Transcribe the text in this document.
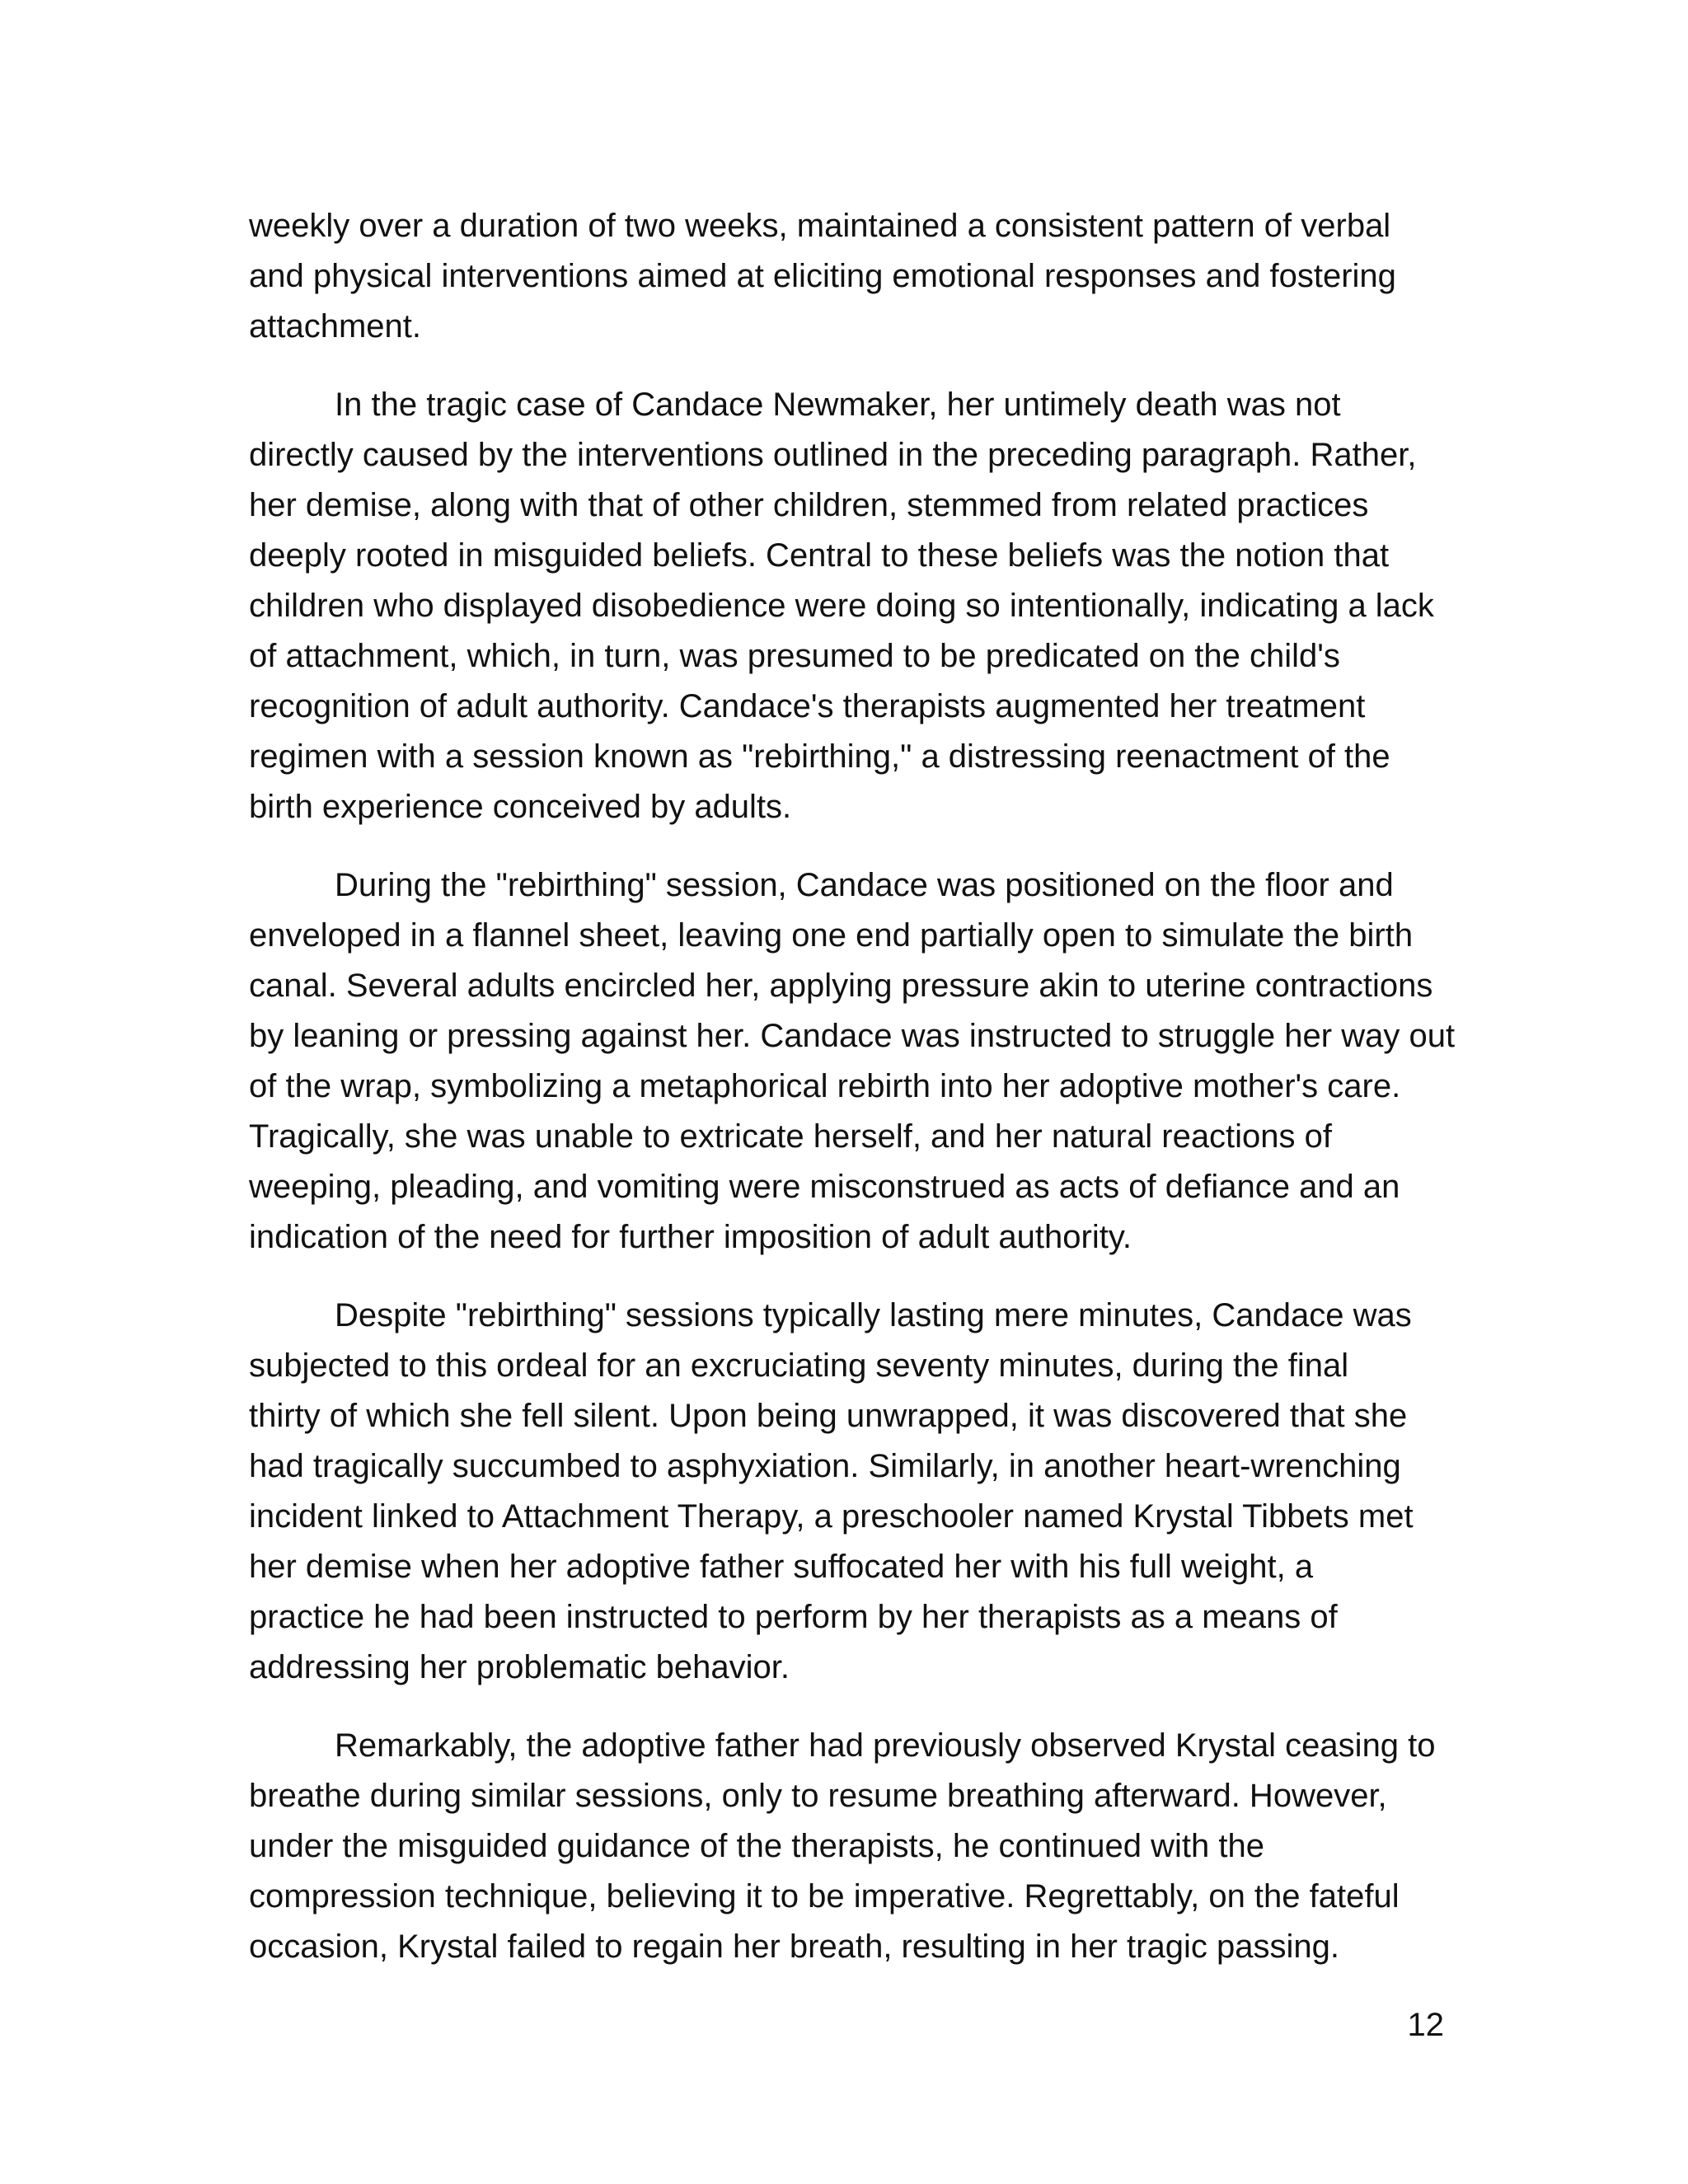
weekly over a duration of two weeks, maintained a consistent pattern of verbal
and physical interventions aimed at eliciting emotional responses and fostering
attachment.

In the tragic case of Candace Newmaker, her untimely death was not
directly caused by the interventions outlined in the preceding paragraph. Rather,
her demise, along with that of other children, stemmed from related practices
deeply rooted in misguided beliefs. Central to these beliefs was the notion that
children who displayed disobedience were doing so intentionally, indicating a lack
of attachment, which, in turn, was presumed to be predicated on the child's
recognition of adult authority. Candace's therapists augmented her treatment
regimen with a session known as "rebirthing," a distressing reenactment of the
birth experience conceived by adults.

During the "rebirthing" session, Candace was positioned on the floor and
enveloped in a flannel sheet, leaving one end partially open to simulate the birth
canal. Several adults encircled her, applying pressure akin to uterine contractions
by leaning or pressing against her. Candace was instructed to struggle her way out
of the wrap, symbolizing a metaphorical rebirth into her adoptive mother's care.
Tragically, she was unable to extricate herself, and her natural reactions of
weeping, pleading, and vomiting were misconstrued as acts of defiance and an
indication of the need for further imposition of adult authority.

Despite "rebirthing" sessions typically lasting mere minutes, Candace was
subjected to this ordeal for an excruciating seventy minutes, during the final
thirty of which she fell silent. Upon being unwrapped, it was discovered that she
had tragically succumbed to asphyxiation. Similarly, in another heart-wrenching
incident linked to Attachment Therapy, a preschooler named Krystal Tibbets met
her demise when her adoptive father suffocated her with his full weight, a
practice he had been instructed to perform by her therapists as a means of
addressing her problematic behavior.

Remarkably, the adoptive father had previously observed Krystal ceasing to
breathe during similar sessions, only to resume breathing afterward. However,
under the misguided guidance of the therapists, he continued with the
compression technique, believing it to be imperative. Regrettably, on the fateful
occasion, Krystal failed to regain her breath, resulting in her tragic passing.

12
